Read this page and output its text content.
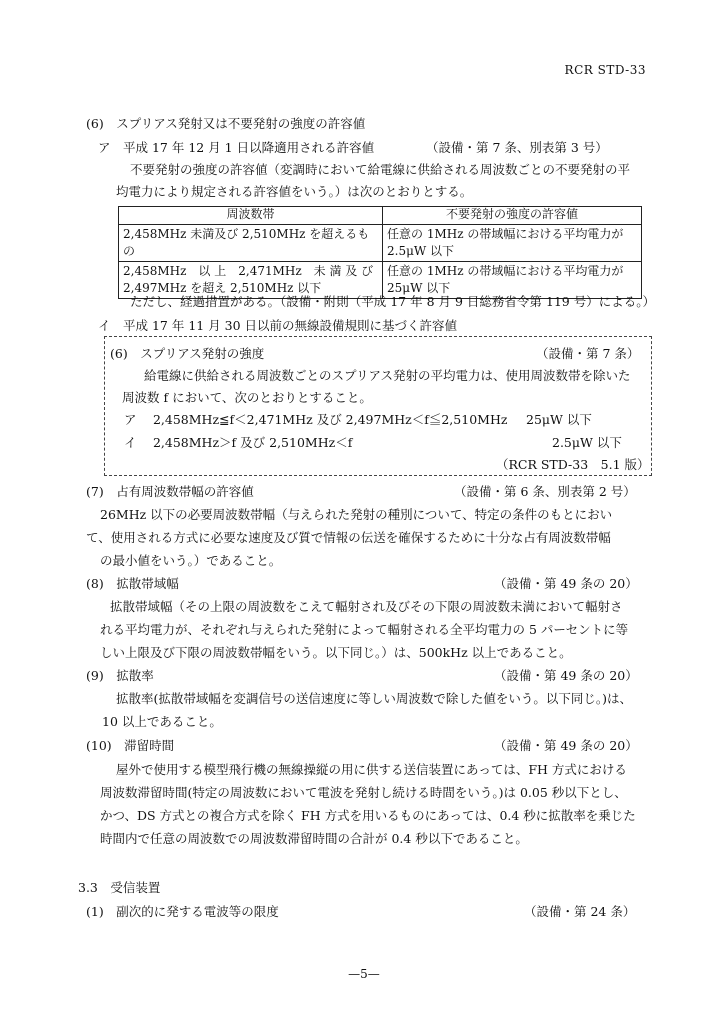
RCR STD-33
(6)　スプリアス発射又は不要発射の強度の許容値
ア　平成 17 年 12 月 1 日以降適用される許容値	（設備・第 7 条、別表第 3 号）
不要発射の強度の許容値（変調時において給電線に供給される周波数ごとの不要発射の平
均電力により規定される許容値をいう。）は次のとおりとする。
周波数帯	不要発射の強度の許容値

2,458MHz 未満及び 2,510MHz を超えるも
の	任意の 1MHz の帯域幅における平均電力が
2.5μW 以下

2,458MHz　以 上　2,471MHz　未 満 及 び
2,497MHz を超え 2,510MHz 以下	任意の 1MHz の帯域幅における平均電力が
25μW 以下
ただし、経過措置がある。（設備・附則（平成 17 年 8 月 9 日総務省令第 119 号）による。）
イ　平成 17 年 11 月 30 日以前の無線設備規則に基づく許容値
(6)　スプリアス発射の強度	（設備・第 7 条）
給電線に供給される周波数ごとのスプリアス発射の平均電力は、使用周波数帯を除いた
周波数 f において、次のとおりとすること。
ア　 2,458MHz≦f＜2,471MHz 及び 2,497MHz＜f≦2,510MHz 25μW 以下
イ　 2,458MHz＞f 及び 2,510MHz＜f	2.5μW 以下
（RCR STD-33　5.1 版）
(7)　占有周波数帯幅の許容値	（設備・第 6 条、別表第 2 号）
26MHz 以下の必要周波数帯幅（与えられた発射の種別について、特定の条件のもとにおい
て、使用される方式に必要な速度及び質で情報の伝送を確保するために十分な占有周波数帯幅
の最小値をいう。）であること。
(8)　拡散帯域幅	（設備・第 49 条の 20）
拡散帯域幅（その上限の周波数をこえて輻射され及びその下限の周波数未満において輻射さ
れる平均電力が、それぞれ与えられた発射によって輻射される全平均電力の 5 パーセントに等
しい上限及び下限の周波数帯幅をいう。以下同じ。）は、500kHz 以上であること。
(9)　拡散率	（設備・第 49 条の 20）
拡散率(拡散帯域幅を変調信号の送信速度に等しい周波数で除した値をいう。以下同じ。)は、
10 以上であること。
(10)　滞留時間	（設備・第 49 条の 20）
屋外で使用する模型飛行機の無線操縦の用に供する送信装置にあっては、FH 方式における
周波数滞留時間(特定の周波数において電波を発射し続ける時間をいう。)は 0.05 秒以下とし、
かつ、DS 方式との複合方式を除く FH 方式を用いるものにあっては、0.4 秒に拡散率を乗じた
時間内で任意の周波数での周波数滞留時間の合計が 0.4 秒以下であること。
3.3　受信装置
(1)　副次的に発する電波等の限度	（設備・第 24 条）
—5—
